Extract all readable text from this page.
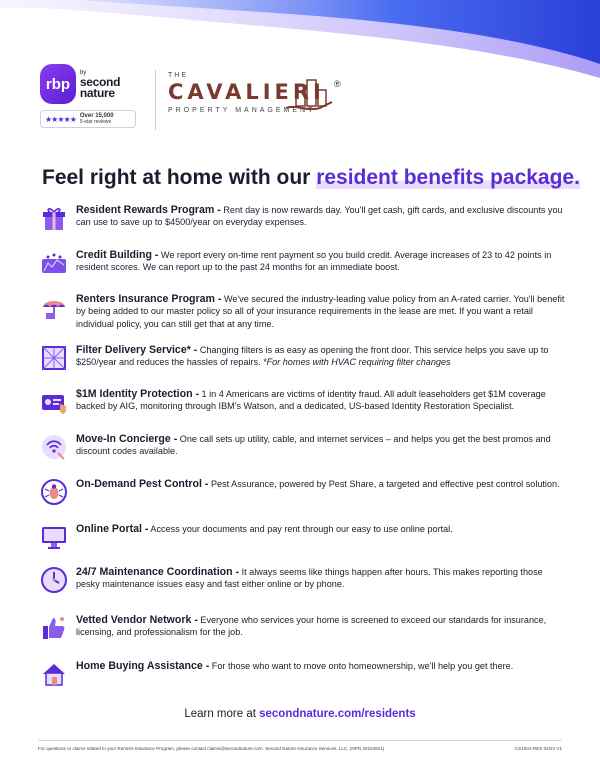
rbp
by
second nature
★★★★★ Over 15,000
5-star reviews
THE
CAVALIERI
PROPERTY MANAGEMENT
®
Feel right at home with our resident benefits package.

Resident Rewards Program - Rent day is now rewards day. You'll get cash, gift cards, and exclusive discounts you can use to save up to $4500/year on everyday expenses.

Credit Building - We report every on-time rent payment so you build credit. Average increases of 23 to 42 points in resident scores. We can report up to the past 24 months for an immediate boost.

Renters Insurance Program - We've secured the industry-leading value policy from an A-rated carrier. You'll benefit by being added to our master policy so all of your insurance requirements in the lease are met. If you want a retail individual policy, you can still get that at any time.

Filter Delivery Service* - Changing filters is as easy as opening the front door. This service helps you save up to $250/year and reduces the hassles of repairs. *For homes with HVAC requiring filter changes

$1M Identity Protection - 1 in 4 Americans are victims of identity fraud. All adult leaseholders get $1M coverage backed by AIG, monitoring through IBM's Watson, and a dedicated, US-based Identity Restoration Specialist.

Move-In Concierge - One call sets up utility, cable, and internet services – and helps you get the best promos and discount codes available.

On-Demand Pest Control - Pest Assurance, powered by Pest Share, a targeted and effective pest control solution.

Online Portal - Access your documents and pay rent through our easy to use online portal.

24/7 Maintenance Coordination - It always seems like things happen after hours. This makes reporting those pesky maintenance issues easy and fast either online or by phone.

Vetted Vendor Network - Everyone who services your home is screened to exceed our standards for insurance, licensing, and professionalism for the job.

Home Buying Assistance - For those who want to move onto homeownership, we'll help you get there.

Learn more at secondnature.com/residents
For questions or claims related to your Renters Insurance Program, please contact claims@secondnature.com. Second Nature Insurance Services, LLC. (NPN 20224621)	CS1001-RES 02/24 V1
